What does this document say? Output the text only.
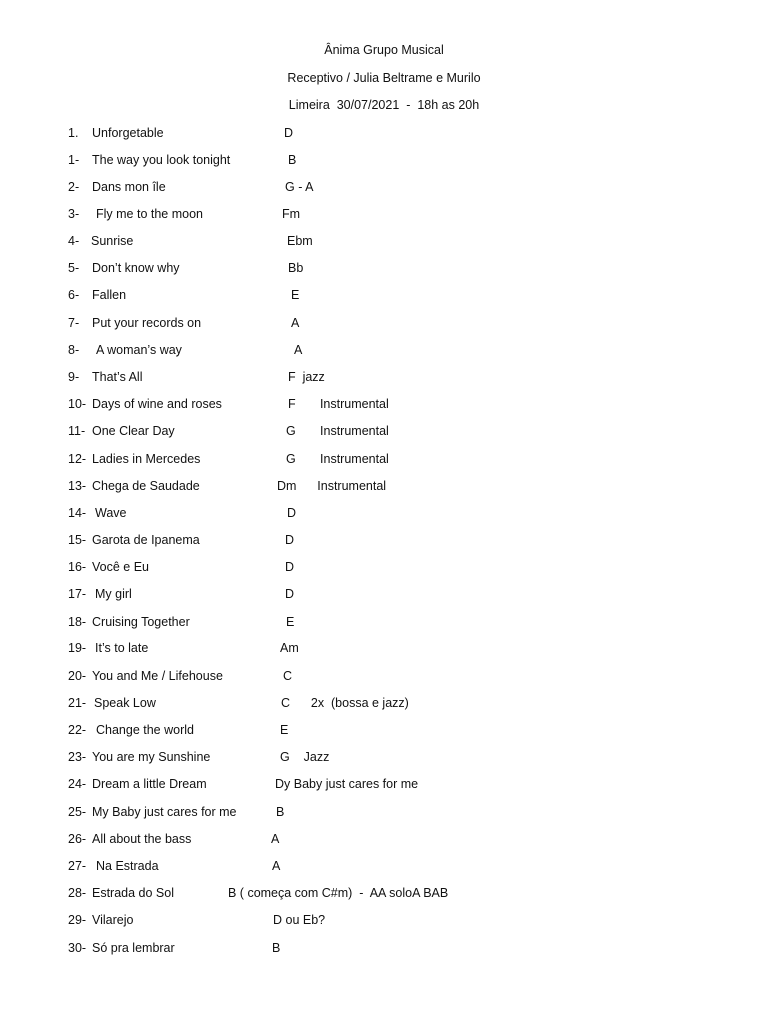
Ânima Grupo Musical
Receptivo / Julia Beltrame e Murilo
Limeira  30/07/2021  -  18h as 20h
1. Unforgetable	D
1- The way you look tonight	B
2- Dans mon île	G - A
3- Fly me to the moon	Fm
4- Sunrise	Ebm
5- Don’t know why	Bb
6- Fallen	E
7- Put your records on	A
8- A woman’s way	A
9- That’s All	F  jazz
10- Days of wine and roses	F       Instrumental
11- One Clear Day	G       Instrumental
12- Ladies in Mercedes	G       Instrumental
13- Chega de Saudade	Dm      Instrumental
14- Wave	D
15- Garota de Ipanema	D
16- Você e Eu	D
17- My girl	D
18- Cruising Together	E
19- It’s to late	Am
20- You and Me / Lifehouse	C
21- Speak Low	C      2x  (bossa e jazz)
22- Change the world	E
23- You are my Sunshine	G    Jazz
24- Dream a little Dream	Dy Baby just cares for me
25- My Baby just cares for me	B
26- All about the bass	A
27- Na Estrada	A
28- Estrada do Sol	B ( começa com C#m)  -  AA soloA BAB
29- Vilarejo	D ou Eb?
30- Só pra lembrar	B
